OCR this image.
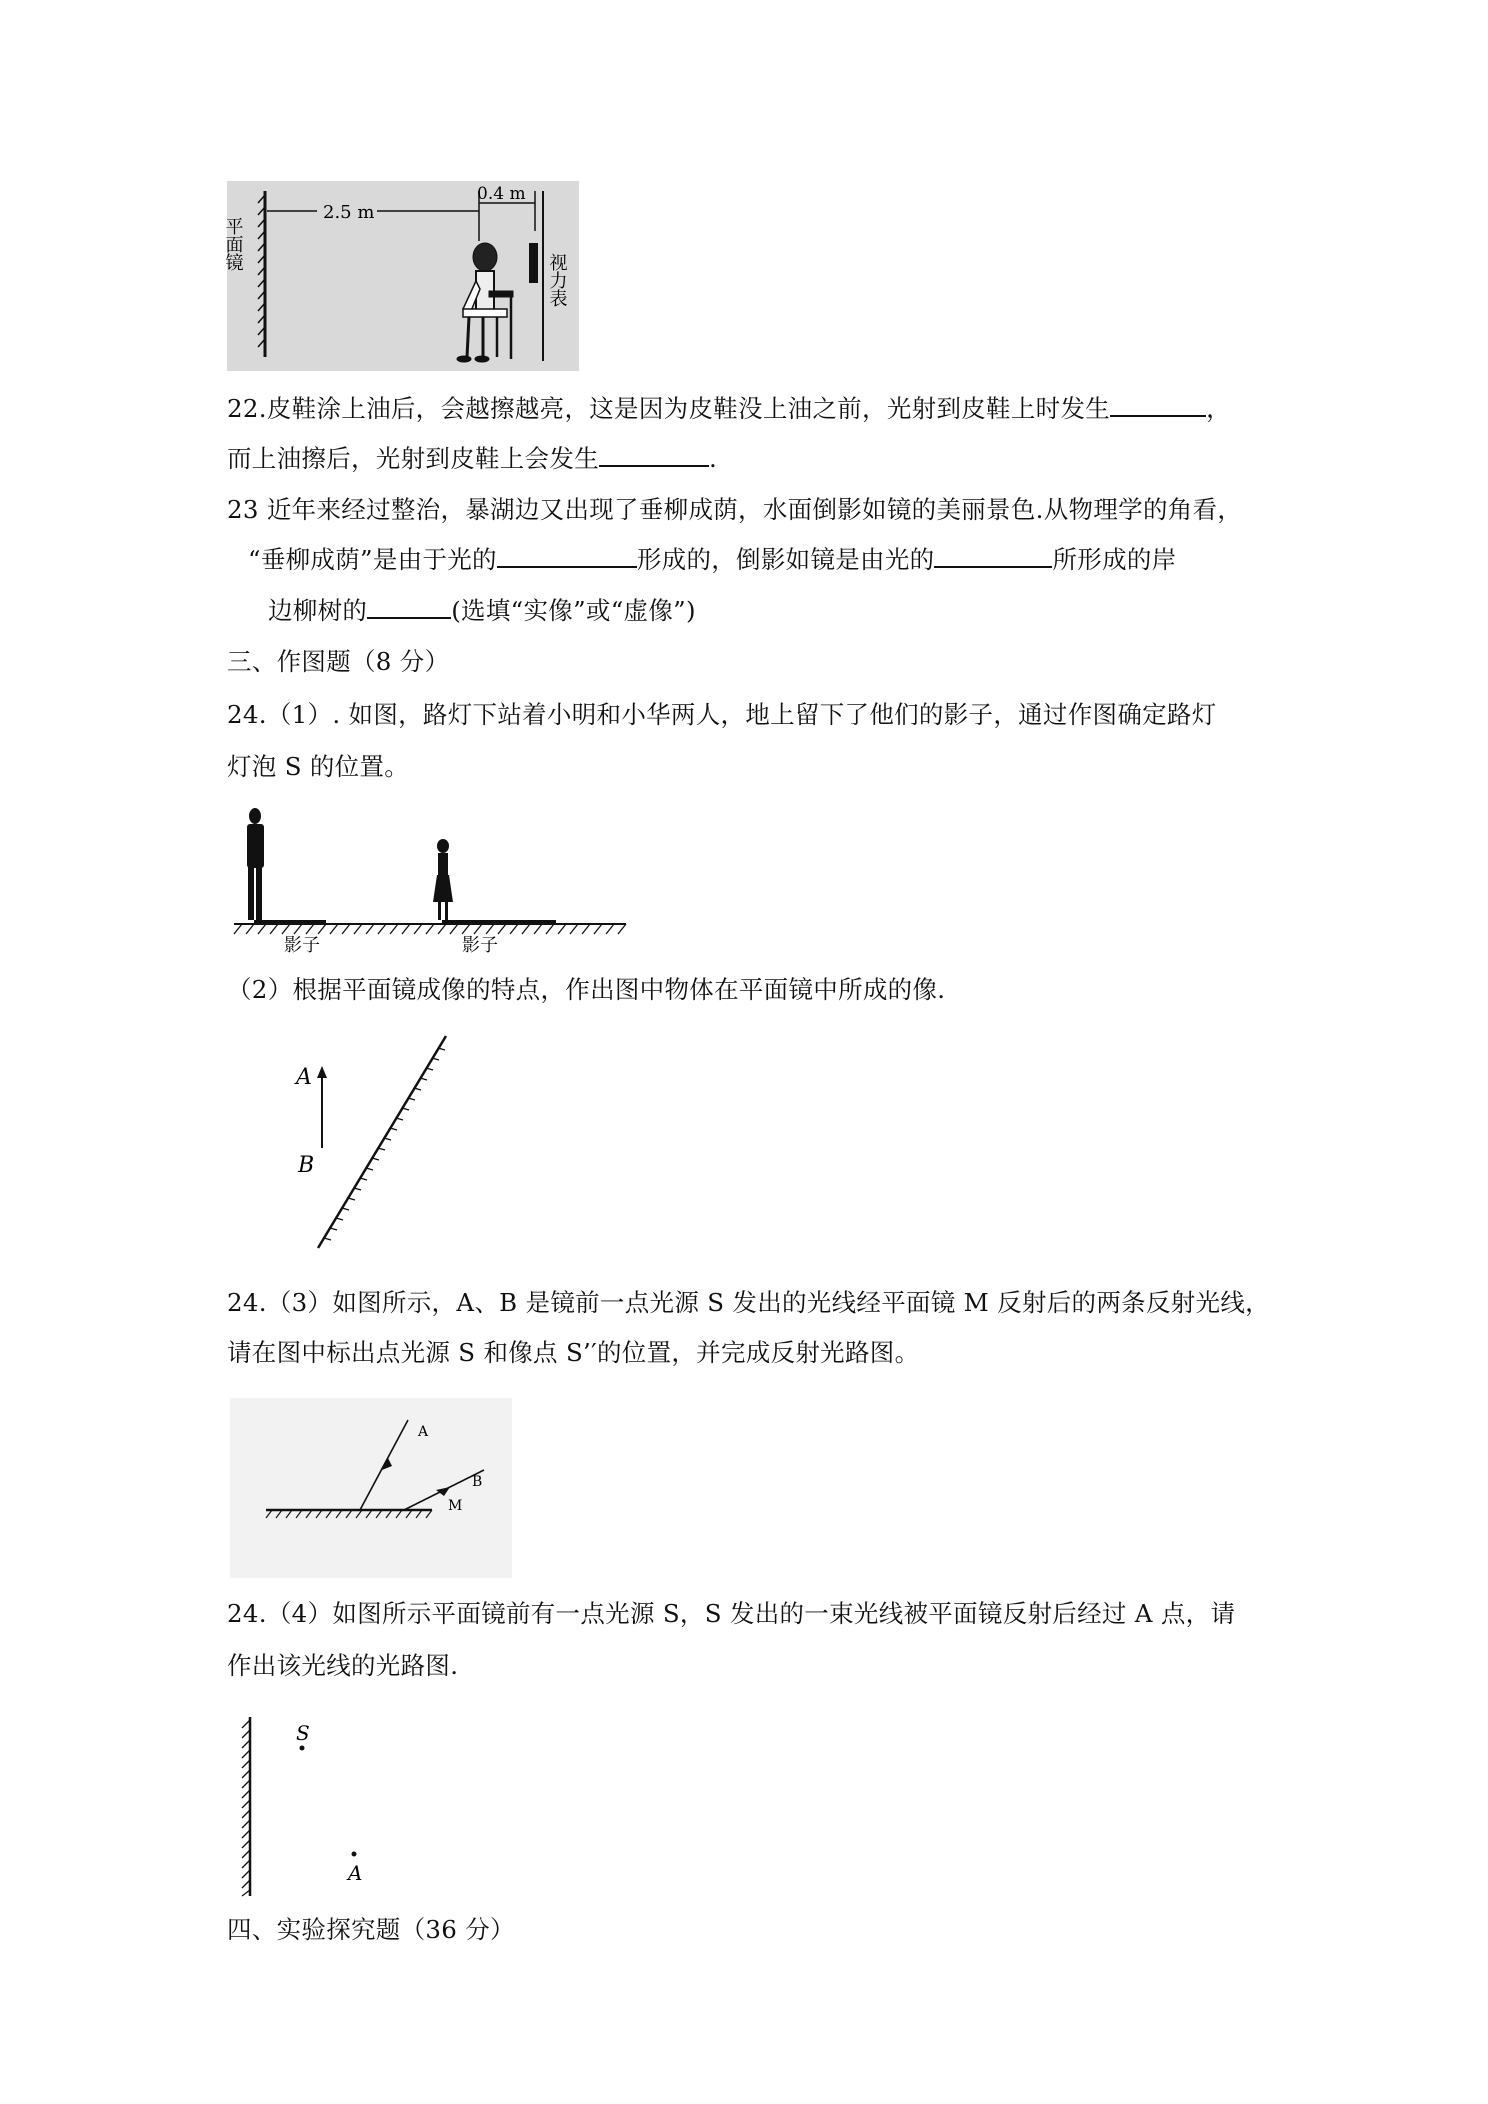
平面镜
2.5 m
0.4 m
视力表
22.皮鞋涂上油后，会越擦越亮，这是因为皮鞋没上油之前，光射到皮鞋上时发生	，
而上油擦后，光射到皮鞋上会发生	.
23 近年来经过整治，暴湖边又出现了垂柳成荫，水面倒影如镜的美丽景色.从物理学的角看，
“垂柳成荫”是由于光的	形成的，倒影如镜是由光的	所形成的岸
边柳树的	(选填“实像”或“虚像”)
三、作图题（8 分）
24.（1）. 如图，路灯下站着小明和小华两人，地上留下了他们的影子，通过作图确定路灯
灯泡 S 的位置。
影子	影子
（2）根据平面镜成像的特点，作出图中物体在平面镜中所成的像.
A
B
24.（3）如图所示，A、B 是镜前一点光源 S 发出的光线经平面镜 M 反射后的两条反射光线，
请在图中标出点光源 S 和像点 S’′的位置，并完成反射光路图。
A
B
M
24.（4）如图所示平面镜前有一点光源 S，S 发出的一束光线被平面镜反射后经过 A 点，请
作出该光线的光路图.
S
A
四、实验探究题（36 分）
